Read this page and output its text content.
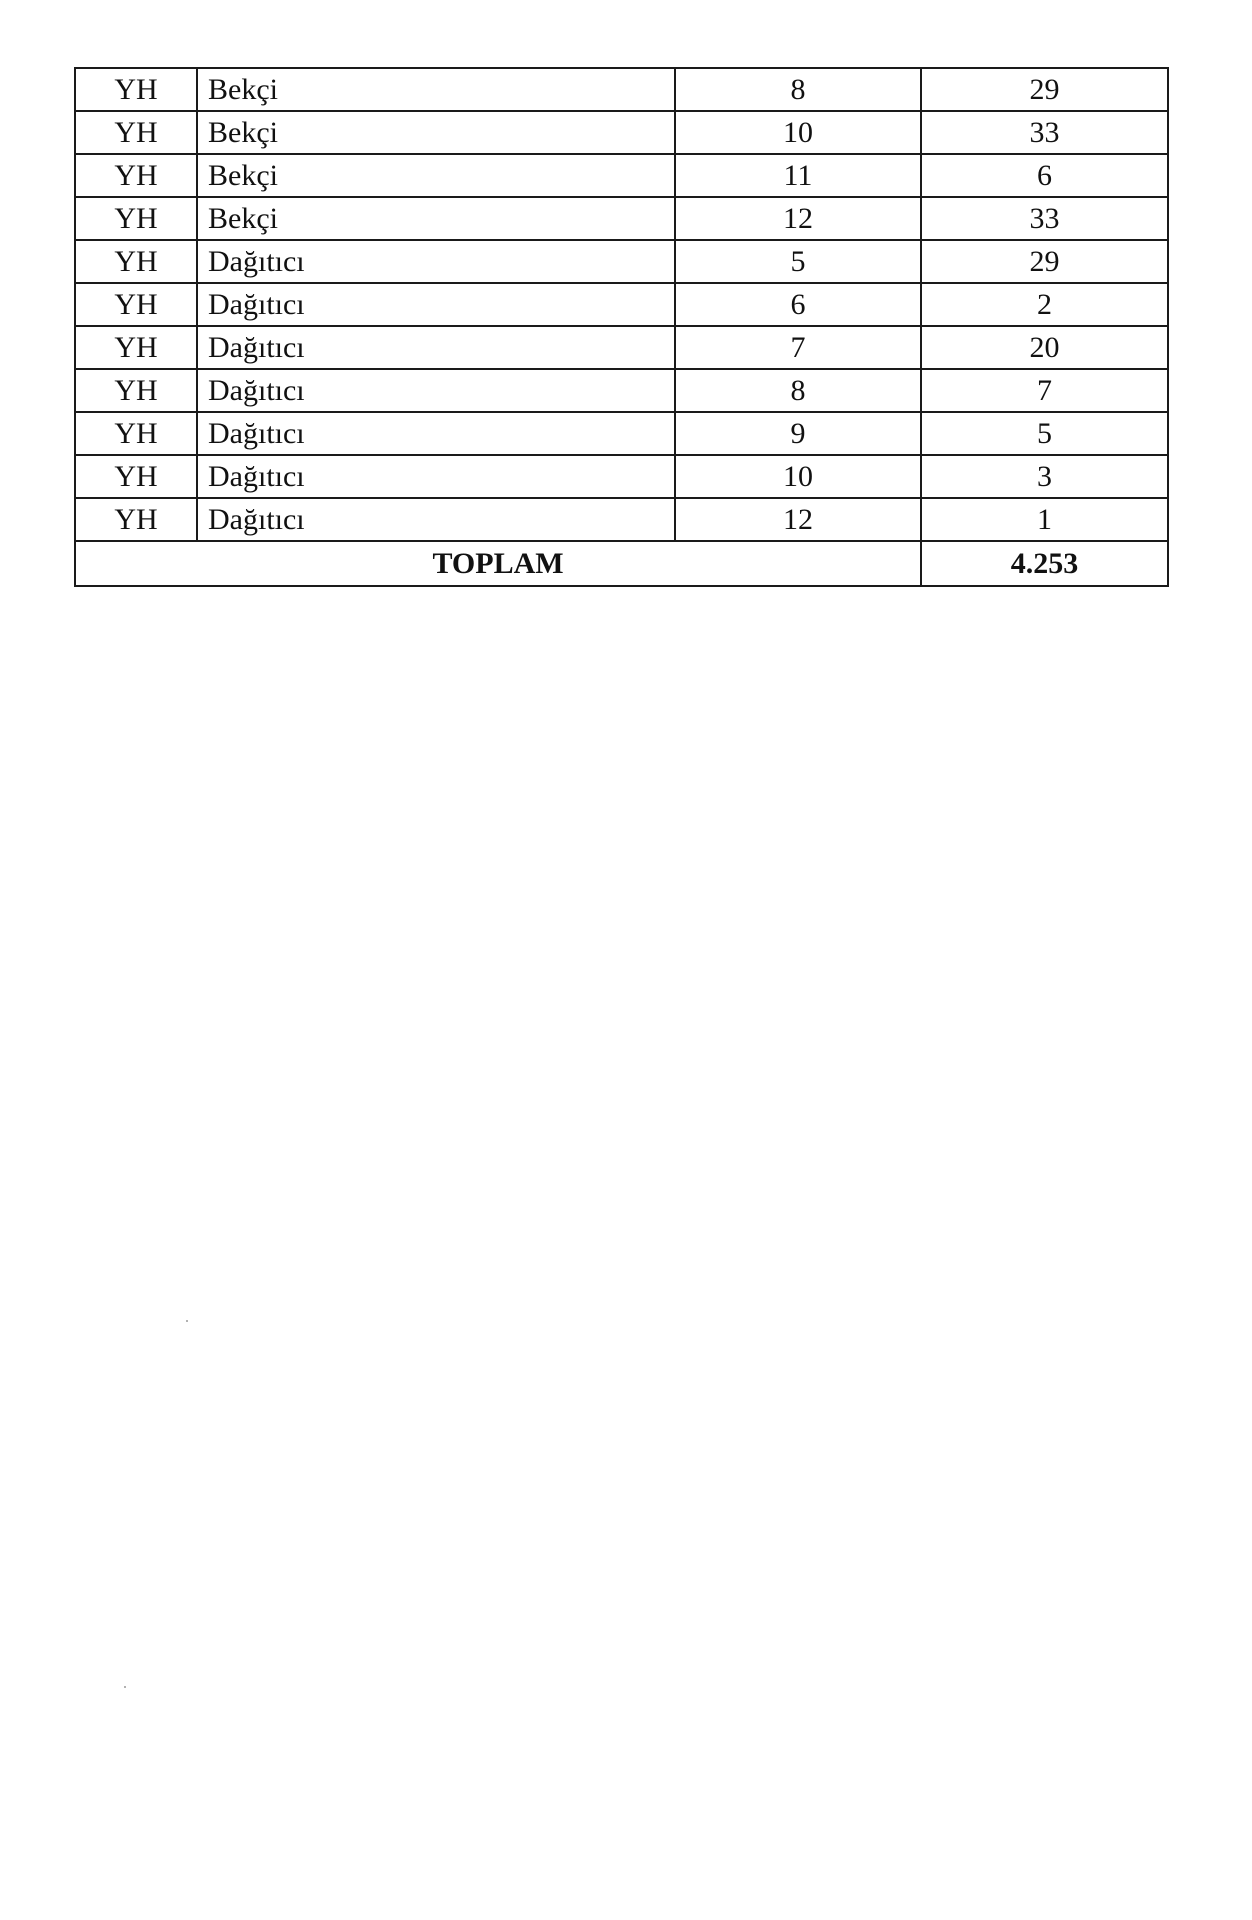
YH	Bekçi	8	29
YH	Bekçi	10	33
YH	Bekçi	11	6
YH	Bekçi	12	33
YH	Dağıtıcı	5	29
YH	Dağıtıcı	6	2
YH	Dağıtıcı	7	20
YH	Dağıtıcı	8	7
YH	Dağıtıcı	9	5
YH	Dağıtıcı	10	3
YH	Dağıtıcı	12	1
TOPLAM			4.253
